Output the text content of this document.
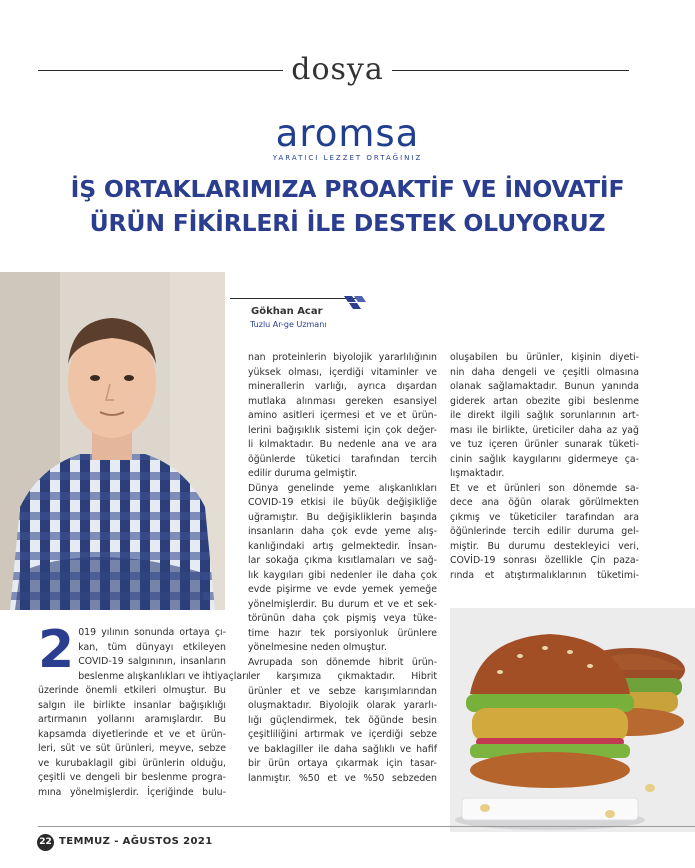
dosya
aromsa
YARATICI LEZZET ORTAĞINIZ
İŞ ORTAKLARIMIZA PROAKTİF VE İNOVATİF
ÜRÜN FİKİRLERİ İLE DESTEK OLUYORUZ
Gökhan Acar
Tuzlu Ar-ge Uzmanı
2 019 yılının sonunda ortaya çı-
kan, tüm dünyayı etkileyen
COVID-19 salgınının, insanların
beslenme alışkanlıkları ve ihtiyaçları
üzerinde önemli etkileri olmuştur. Bu
salgın ile birlikte insanlar bağışıklığı
artırmanın yollarını aramışlardır. Bu
kapsamda diyetlerinde et ve et ürün-
leri, süt ve süt ürünleri, meyve, sebze
ve kurubaklagil gibi ürünlerin olduğu,
çeşitli ve dengeli bir beslenme progra-
mına yönelmişlerdir. İçeriğinde bulu-
nan proteinlerin biyolojik yararlılığının
yüksek olması, içerdiği vitaminler ve
minerallerin varlığı, ayrıca dışardan
mutlaka alınması gereken esansiyel
amino asitleri içermesi et ve et ürün-
lerini bağışıklık sistemi için çok değer-
li kılmaktadır. Bu nedenle ana ve ara
öğünlerde tüketici tarafından tercih

edilir duruma gelmiştir.

Dünya genelinde yeme alışkanlıkları
COVID-19 etkisi ile büyük değişikliğe
uğramıştır. Bu değişikliklerin başında
insanların daha çok evde yeme alış-
kanlığındaki artış gelmektedir. İnsan-
lar sokağa çıkma kısıtlamaları ve sağ-
lık kaygıları gibi nedenler ile daha çok
evde pişirme ve evde yemek yemeğe
yönelmişlerdir. Bu durum et ve et sek-
törünün daha çok pişmiş veya tüke-
time hazır tek porsiyonluk ürünlere

yönelmesine neden olmuştur.

Avrupada son dönemde hibrit ürün-
ler karşımıza çıkmaktadır. Hibrit
ürünler et ve sebze karışımlarından
oluşmaktadır. Biyolojik olarak yararlı-
lığı güçlendirmek, tek öğünde besin
çeşitliliğini artırmak ve içerdiği sebze
ve baklagiller ile daha sağlıklı ve hafif
bir ürün ortaya çıkarmak için tasar-
lanmıştır. %50 et ve %50 sebzeden
oluşabilen bu ürünler, kişinin diyeti-
nin daha dengeli ve çeşitli olmasına
olanak sağlamaktadır. Bunun yanında
giderek artan obezite gibi beslenme
ile direkt ilgili sağlık sorunlarının art-
ması ile birlikte, üreticiler daha az yağ
ve tuz içeren ürünler sunarak tüketi-
cinin sağlık kaygılarını gidermeye ça-

lışmaktadır.

Et ve et ürünleri son dönemde sa-
dece ana öğün olarak görülmekten
çıkmış ve tüketiciler tarafından ara
öğünlerinde tercih edilir duruma gel-
miştir. Bu durumu destekleyici veri,
COVİD-19 sonrası özellikle Çin paza-
rında et atıştırmalıklarının tüketimi-
22 TEMMUZ - AĞUSTOS 2021
